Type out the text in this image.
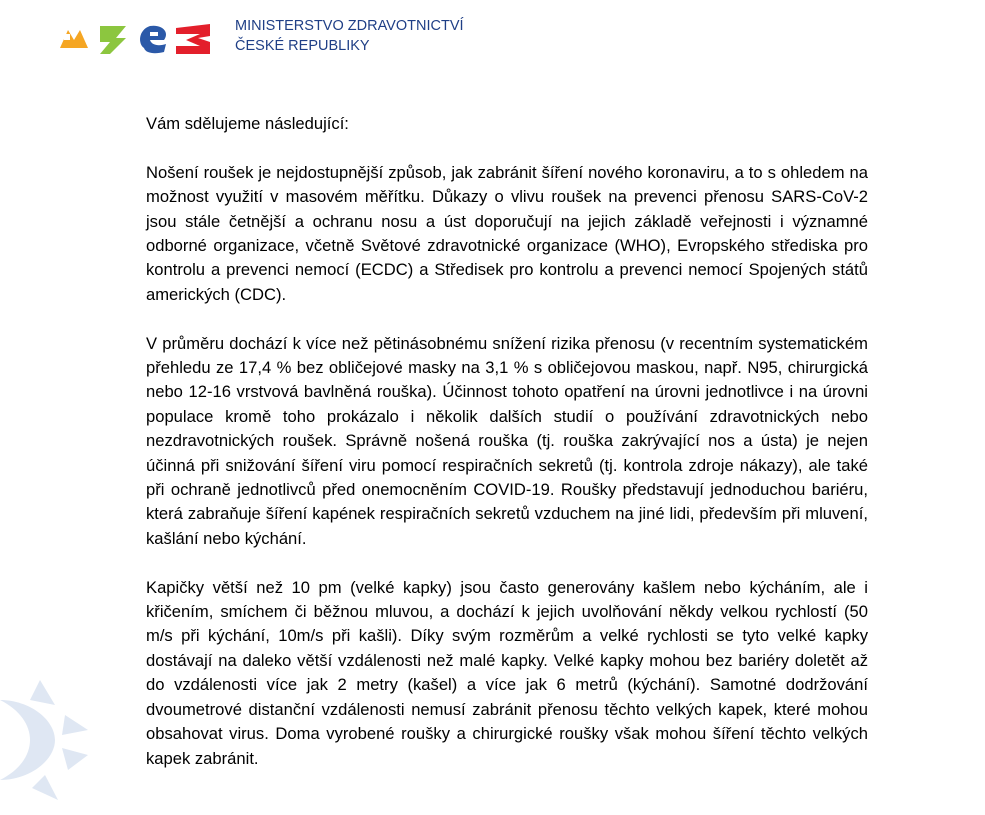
MINISTERSTVO ZDRAVOTNICTVÍ
ČESKÉ REPUBLIKY

Vám sdělujeme následující:

Nošení roušek je nejdostupnější způsob, jak zabránit šíření nového koronaviru, a to s ohledem na možnost využití v masovém měřítku. Důkazy o vlivu roušek na prevenci přenosu SARS-CoV-2 jsou stále četnější a ochranu nosu a úst doporučují na jejich základě veřejnosti i významné odborné organizace, včetně Světové zdravotnické organizace (WHO), Evropského střediska pro kontrolu a prevenci nemocí (ECDC) a Středisek pro kontrolu a prevenci nemocí Spojených států amerických (CDC).

V průměru dochází k více než pětinásobnému snížení rizika přenosu (v recentním systematickém přehledu ze 17,4 % bez obličejové masky na 3,1 % s obličejovou maskou, např. N95, chirurgická nebo 12-16 vrstvová bavlněná rouška). Účinnost tohoto opatření na úrovni jednotlivce i na úrovni populace kromě toho prokázalo i několik dalších studií o používání zdravotnických nebo nezdravotnických roušek. Správně nošená rouška (tj. rouška zakrývající nos a ústa) je nejen účinná při snižování šíření viru pomocí respiračních sekretů (tj. kontrola zdroje nákazy), ale také při ochraně jednotlivců před onemocněním COVID-19. Roušky představují jednoduchou bariéru, která zabraňuje šíření kapének respiračních sekretů vzduchem na jiné lidi, především při mluvení, kašlání nebo kýchání.

Kapičky větší než 10 pm (velké kapky) jsou často generovány kašlem nebo kýcháním, ale i křičením, smíchem či běžnou mluvou, a dochází k jejich uvolňování někdy velkou rychlostí (50 m/s při kýchání, 10m/s při kašli). Díky svým rozměrům a velké rychlosti se tyto velké kapky dostávají na daleko větší vzdálenosti než malé kapky. Velké kapky mohou bez bariéry doletět až do vzdálenosti více jak 2 metry (kašel) a více jak 6 metrů (kýchání). Samotné dodržování dvoumetrové distanční vzdálenosti nemusí zabránit přenosu těchto velkých kapek, které mohou obsahovat virus. Doma vyrobené roušky a chirurgické roušky však mohou šíření těchto velkých kapek zabránit.
